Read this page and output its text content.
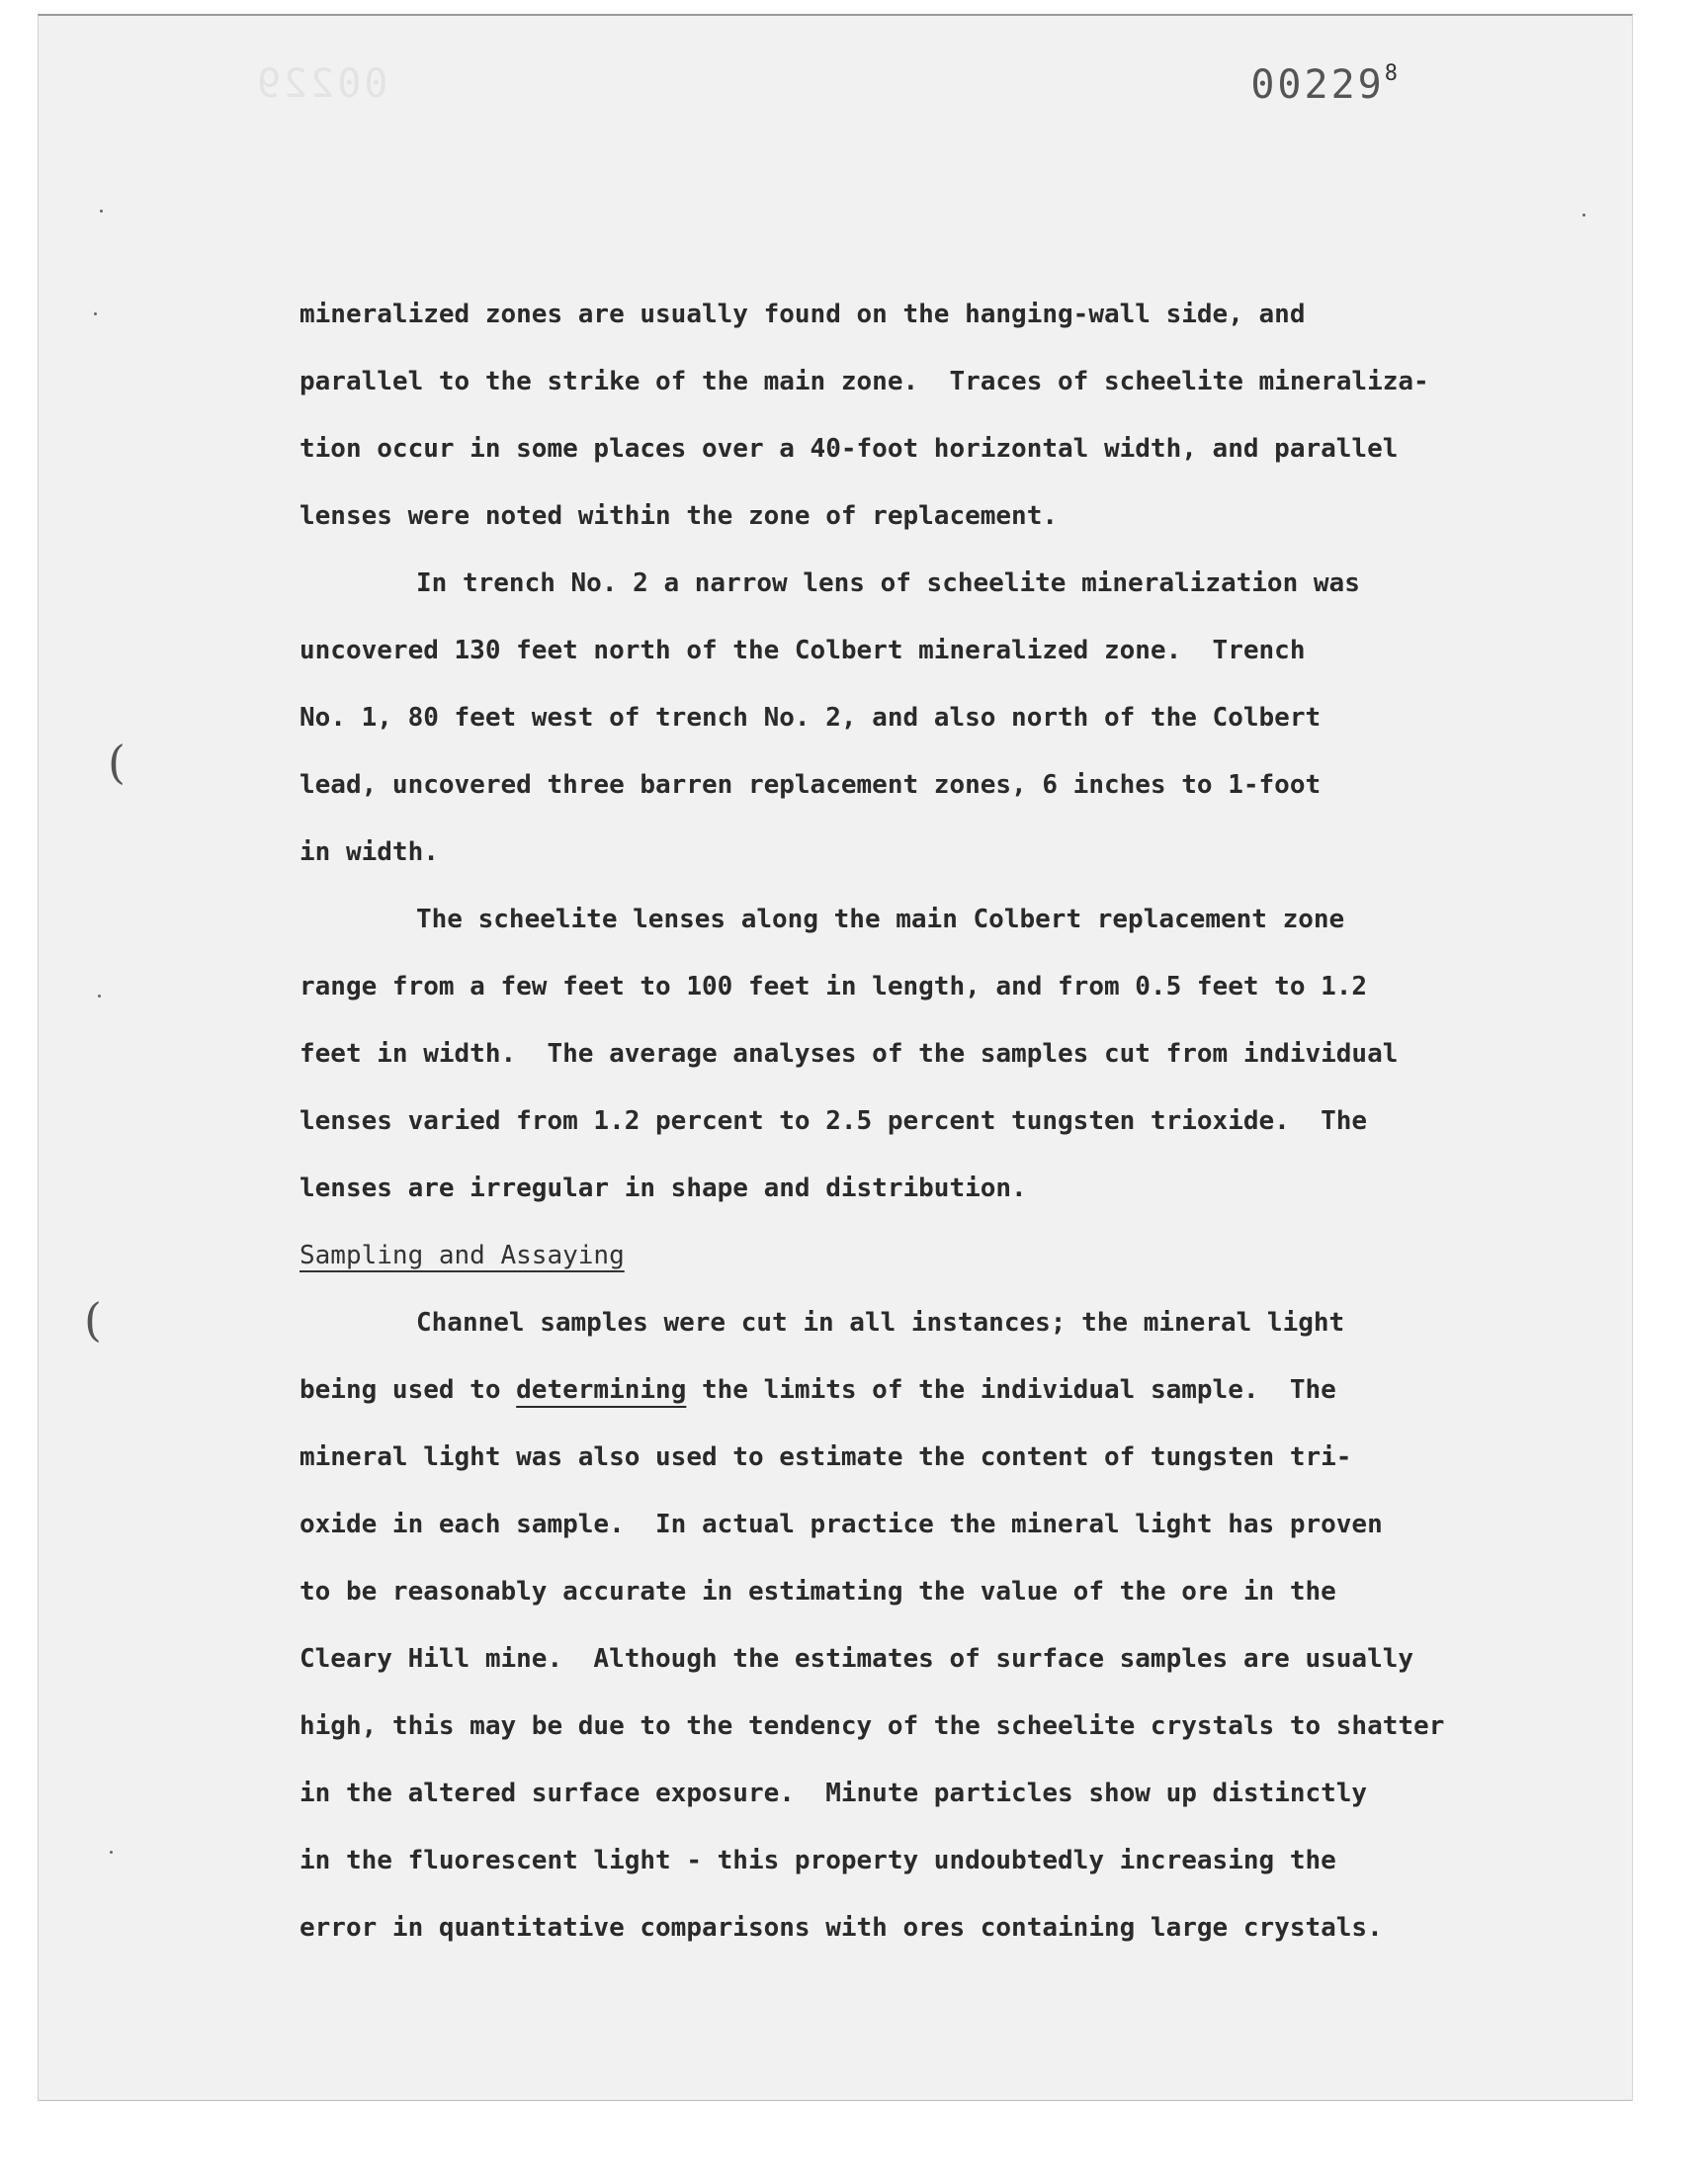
00229	00229$^8$
(
(
mineralized zones are usually found on the hanging-wall side, and
parallel to the strike of the main zone.  Traces of scheelite mineraliza-
tion occur in some places over a 40-foot horizontal width, and parallel
lenses were noted within the zone of replacement.
In trench No. 2 a narrow lens of scheelite mineralization was
uncovered 130 feet north of the Colbert mineralized zone.  Trench
No. 1, 80 feet west of trench No. 2, and also north of the Colbert
lead, uncovered three barren replacement zones, 6 inches to 1-foot
in width.
The scheelite lenses along the main Colbert replacement zone
range from a few feet to 100 feet in length, and from 0.5 feet to 1.2
feet in width.  The average analyses of the samples cut from individual
lenses varied from 1.2 percent to 2.5 percent tungsten trioxide.  The
lenses are irregular in shape and distribution.
Sampling and Assaying
Channel samples were cut in all instances; the mineral light
being used to determining the limits of the individual sample.  The
mineral light was also used to estimate the content of tungsten tri-
oxide in each sample.  In actual practice the mineral light has proven
to be reasonably accurate in estimating the value of the ore in the
Cleary Hill mine.  Although the estimates of surface samples are usually
high, this may be due to the tendency of the scheelite crystals to shatter
in the altered surface exposure.  Minute particles show up distinctly
in the fluorescent light - this property undoubtedly increasing the
error in quantitative comparisons with ores containing large crystals.
